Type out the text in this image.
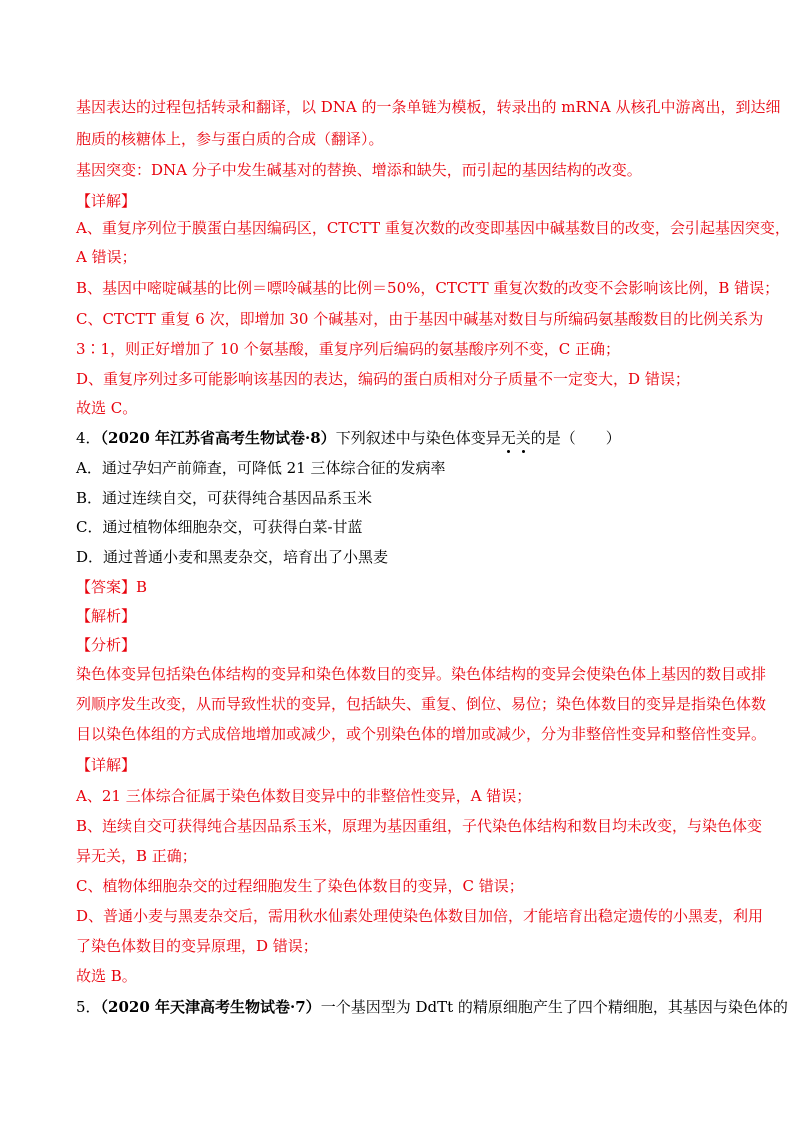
基因表达的过程包括转录和翻译，以 DNA 的一条单链为模板，转录出的 mRNA 从核孔中游离出，到达细
胞质的核糖体上，参与蛋白质的合成（翻译）。
基因突变：DNA 分子中发生碱基对的替换、增添和缺失，而引起的基因结构的改变。
【详解】
A、重复序列位于膜蛋白基因编码区，CTCTT 重复次数的改变即基因中碱基数目的改变，会引起基因突变，
A 错误；
B、基因中嘧啶碱基的比例＝嘌呤碱基的比例＝50%，CTCTT 重复次数的改变不会影响该比例，B 错误；
C、CTCTT 重复 6 次，即增加 30 个碱基对，由于基因中碱基对数目与所编码氨基酸数目的比例关系为
3∶1，则正好增加了 10 个氨基酸，重复序列后编码的氨基酸序列不变，C 正确；
D、重复序列过多可能影响该基因的表达，编码的蛋白质相对分子质量不一定变大，D 错误；
故选 C。
4．（2020 年江苏省高考生物试卷·8）下列叙述中与染色体变异无关的是（　　）
A．通过孕妇产前筛查，可降低 21 三体综合征的发病率
B．通过连续自交，可获得纯合基因品系玉米
C．通过植物体细胞杂交，可获得白菜-甘蓝
D．通过普通小麦和黑麦杂交，培育出了小黑麦
【答案】B
【解析】
【分析】
染色体变异包括染色体结构的变异和染色体数目的变异。染色体结构的变异会使染色体上基因的数目或排
列顺序发生改变，从而导致性状的变异，包括缺失、重复、倒位、易位；染色体数目的变异是指染色体数
目以染色体组的方式成倍地增加或减少，或个别染色体的增加或减少，分为非整倍性变异和整倍性变异。
【详解】
A、21 三体综合征属于染色体数目变异中的非整倍性变异，A 错误；
B、连续自交可获得纯合基因品系玉米，原理为基因重组，子代染色体结构和数目均未改变，与染色体变
异无关，B 正确；
C、植物体细胞杂交的过程细胞发生了染色体数目的变异，C 错误；
D、普通小麦与黑麦杂交后，需用秋水仙素处理使染色体数目加倍，才能培育出稳定遗传的小黑麦，利用
了染色体数目的变异原理，D 错误；
故选 B。
5．（2020 年天津高考生物试卷·7）一个基因型为 DdTt 的精原细胞产生了四个精细胞，其基因与染色体的
